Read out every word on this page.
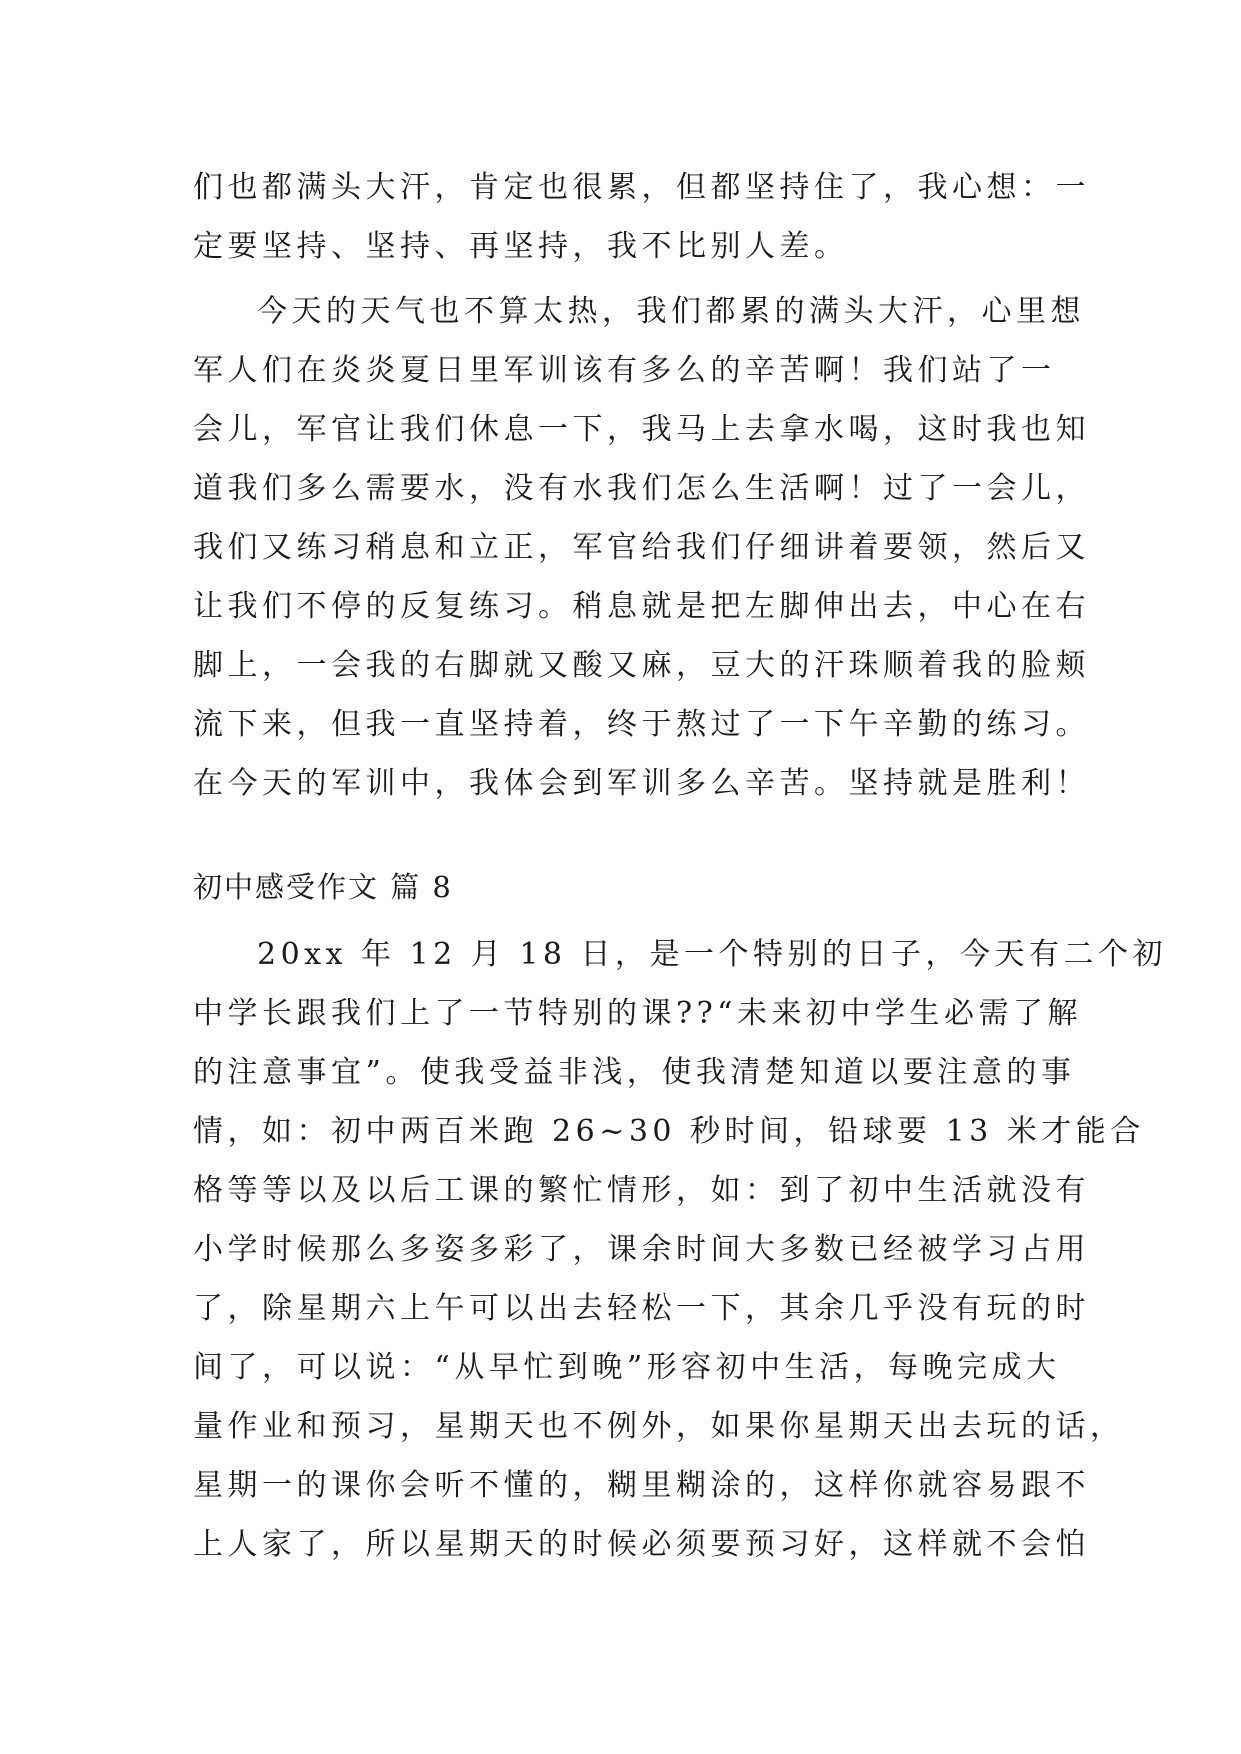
们也都满头大汗，肯定也很累，但都坚持住了，我心想：一
定要坚持、坚持、再坚持，我不比别人差。
今天的天气也不算太热，我们都累的满头大汗，心里想
军人们在炎炎夏日里军训该有多么的辛苦啊！我们站了一
会儿，军官让我们休息一下，我马上去拿水喝，这时我也知
道我们多么需要水，没有水我们怎么生活啊！过了一会儿，
我们又练习稍息和立正，军官给我们仔细讲着要领，然后又
让我们不停的反复练习。稍息就是把左脚伸出去，中心在右
脚上，一会我的右脚就又酸又麻，豆大的汗珠顺着我的脸颊
流下来，但我一直坚持着，终于熬过了一下午辛勤的练习。
在今天的军训中，我体会到军训多么辛苦。坚持就是胜利！
初中感受作文 篇 8
20xx 年 12 月 18 日，是一个特别的日子，今天有二个初
中学长跟我们上了一节特别的课??“未来初中学生必需了解
的注意事宜”。使我受益非浅，使我清楚知道以要注意的事
情，如：初中两百米跑 26~30 秒时间，铅球要 13 米才能合
格等等以及以后工课的繁忙情形，如：到了初中生活就没有
小学时候那么多姿多彩了，课余时间大多数已经被学习占用
了，除星期六上午可以出去轻松一下，其余几乎没有玩的时
间了，可以说：“从早忙到晚”形容初中生活，每晚完成大
量作业和预习，星期天也不例外，如果你星期天出去玩的话，
星期一的课你会听不懂的，糊里糊涂的，这样你就容易跟不
上人家了，所以星期天的时候必须要预习好，这样就不会怕
